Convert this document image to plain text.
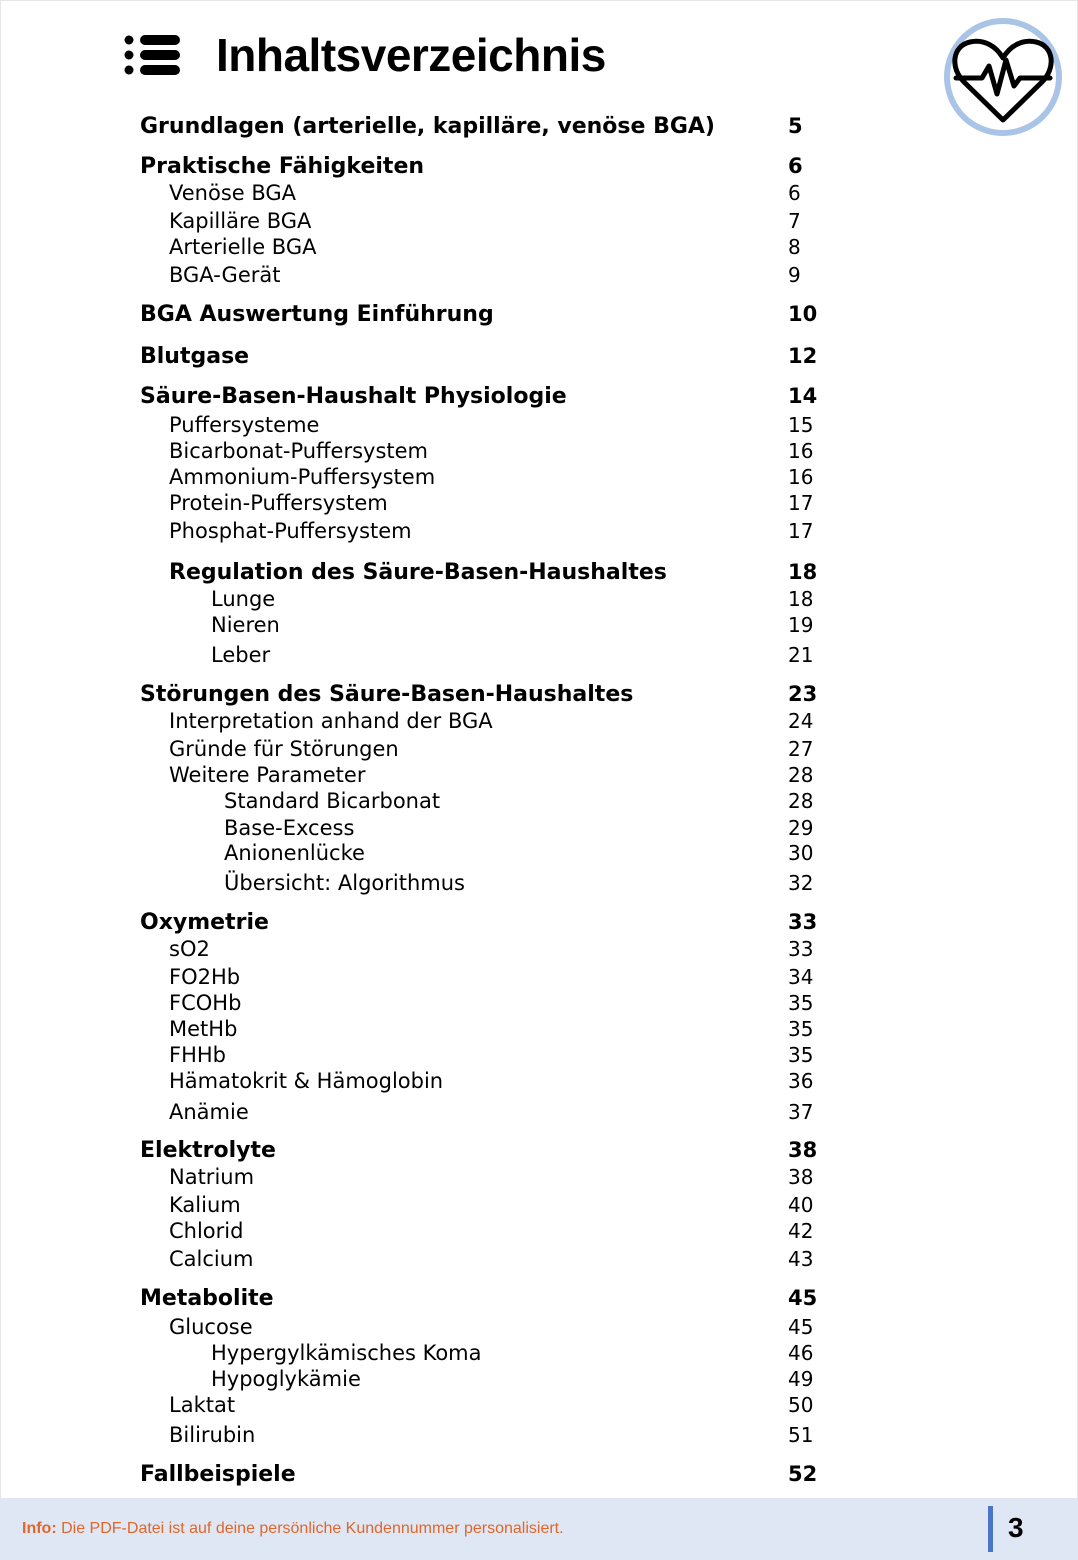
Inhaltsverzeichnis
Grundlagen (arterielle, kapilläre, venöse BGA)	5
Praktische Fähigkeiten	6
Venöse BGA	6
Kapilläre BGA	7
Arterielle BGA	8
BGA-Gerät	9
BGA Auswertung Einführung	10
Blutgase	12
Säure-Basen-Haushalt Physiologie	14
Puffersysteme	15
Bicarbonat-Puffersystem	16
Ammonium-Puffersystem	16
Protein-Puffersystem	17
Phosphat-Puffersystem	17
Regulation des Säure-Basen-Haushaltes	18
Lunge	18
Nieren	19
Leber	21
Störungen des Säure-Basen-Haushaltes	23
Interpretation anhand der BGA	24
Gründe für Störungen	27
Weitere Parameter	28
Standard Bicarbonat	28
Base-Excess	29
Anionenlücke	30
Übersicht: Algorithmus	32
Oxymetrie	33
sO2	33
FO2Hb	34
FCOHb	35
MetHb	35
FHHb	35
Hämatokrit & Hämoglobin	36
Anämie	37
Elektrolyte	38
Natrium	38
Kalium	40
Chlorid	42
Calcium	43
Metabolite	45
Glucose	45
Hypergylkämisches Koma	46
Hypoglykämie	49
Laktat	50
Bilirubin	51
Fallbeispiele	52
Info: Die PDF-Datei ist auf deine persönliche Kundennummer personalisiert.	3
